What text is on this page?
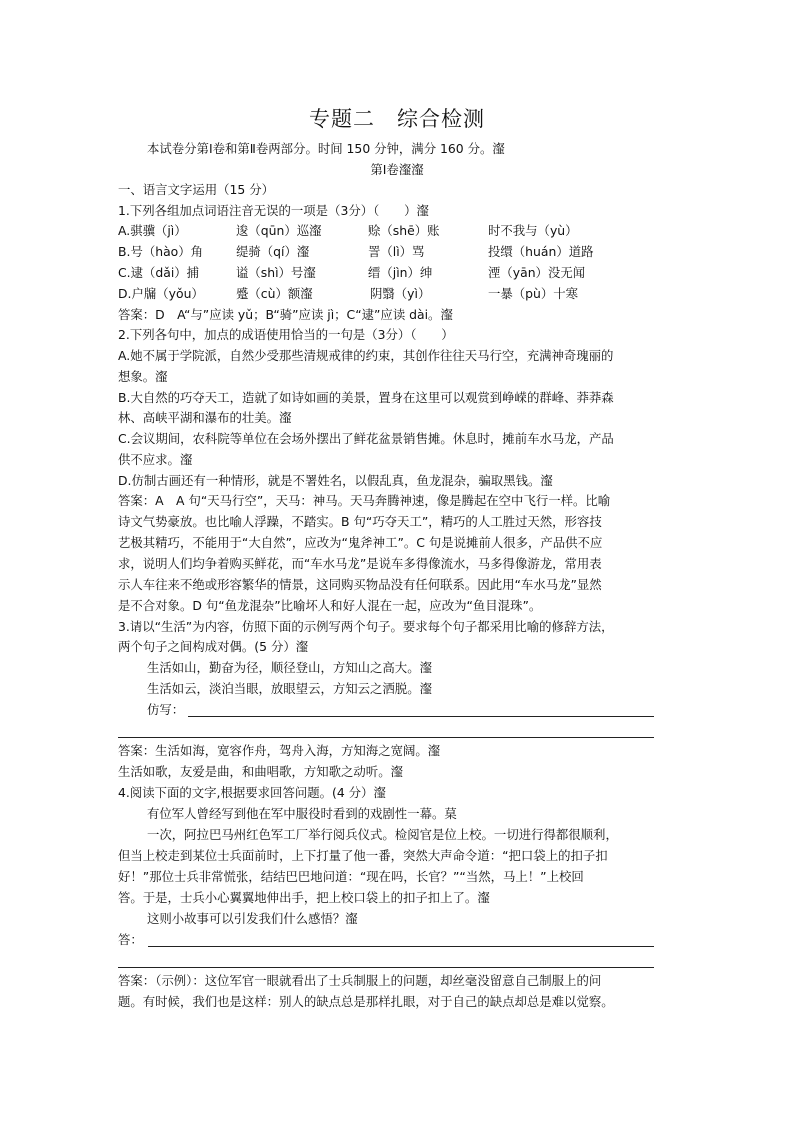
专题二　综合检测
本试卷分第Ⅰ卷和第Ⅱ卷两部分。时间 150 分钟，满分 160 分。瀣
第Ⅰ卷瀣瀣
一、语言文字运用（15 分）
1.下列各组加点词语注音无误的一项是（3分）（　　）瀣
A.骐骥（jì）	逡（qūn）巡瀣	赊（shē）账	时不我与（yù）
B.号（hào）角	缇骑（qí）瀣	詈（lì）骂	投缳（huán）道路
C.逮（dǎi）捕	谥（shì）号瀣	缙（jìn）绅	湮（yān）没无闻
D.户牖（yǒu）	蹙（cù）额瀣	阴翳（yì）	一暴（pù）十寒
答案：D　A“与”应读 yǔ；B“骑”应读 jì；C“逮”应读 dài。瀣
2.下列各句中，加点的成语使用恰当的一句是（3分）（　　）
A.她不属于学院派，自然少受那些清规戒律的约束，其创作往往天马行空，充满神奇瑰丽的
想象。瀣
B.大自然的巧夺天工，造就了如诗如画的美景，置身在这里可以观赏到峥嵘的群峰、莽莽森
林、高峡平湖和瀑布的壮美。瀣
C.会议期间，农科院等单位在会场外摆出了鲜花盆景销售摊。休息时，摊前车水马龙，产品
供不应求。瀣
D.仿制古画还有一种情形，就是不署姓名，以假乱真，鱼龙混杂，骗取黑钱。瀣
答案：A　A 句“天马行空”，天马：神马。天马奔腾神速，像是腾起在空中飞行一样。比喻
诗文气势豪放。也比喻人浮躁，不踏实。B 句“巧夺天工”，精巧的人工胜过天然，形容技
艺极其精巧，不能用于“大自然”，应改为“鬼斧神工”。C 句是说摊前人很多，产品供不应
求，说明人们均争着购买鲜花，而“车水马龙”是说车多得像流水，马多得像游龙，常用表
示人车往来不绝或形容繁华的情景，这同购买物品没有任何联系。因此用“车水马龙”显然
是不合对象。D 句“鱼龙混杂”比喻坏人和好人混在一起，应改为“鱼目混珠”。
3.请以“生活”为内容，仿照下面的示例写两个句子。要求每个句子都采用比喻的修辞方法，
两个句子之间构成对偶。(5 分）瀣
生活如山，勤奋为径，顺径登山，方知山之高大。瀣
生活如云，淡泊当眼，放眼望云，方知云之洒脱。瀣
仿写：
答案：生活如海，宽容作舟，驾舟入海，方知海之宽阔。瀣
生活如歌，友爱是曲，和曲唱歌，方知歌之动听。瀣
4.阅读下面的文字,根据要求回答问题。(4 分）瀣
有位军人曾经写到他在军中服役时看到的戏剧性一幕。菒
一次，阿拉巴马州红色军工厂举行阅兵仪式。检阅官是位上校。一切进行得都很顺利，
但当上校走到某位士兵面前时，上下打量了他一番，突然大声命令道：“把口袋上的扣子扣
好！”那位士兵非常慌张，结结巴巴地问道：“现在吗，长官？”“当然，马上！”上校回
答。于是，士兵小心翼翼地伸出手，把上校口袋上的扣子扣上了。瀣
这则小故事可以引发我们什么感悟？瀣
答：
答案：（示例）：这位军官一眼就看出了士兵制服上的问题，却丝毫没留意自己制服上的问
题。有时候，我们也是这样：别人的缺点总是那样扎眼，对于自己的缺点却总是难以觉察。
